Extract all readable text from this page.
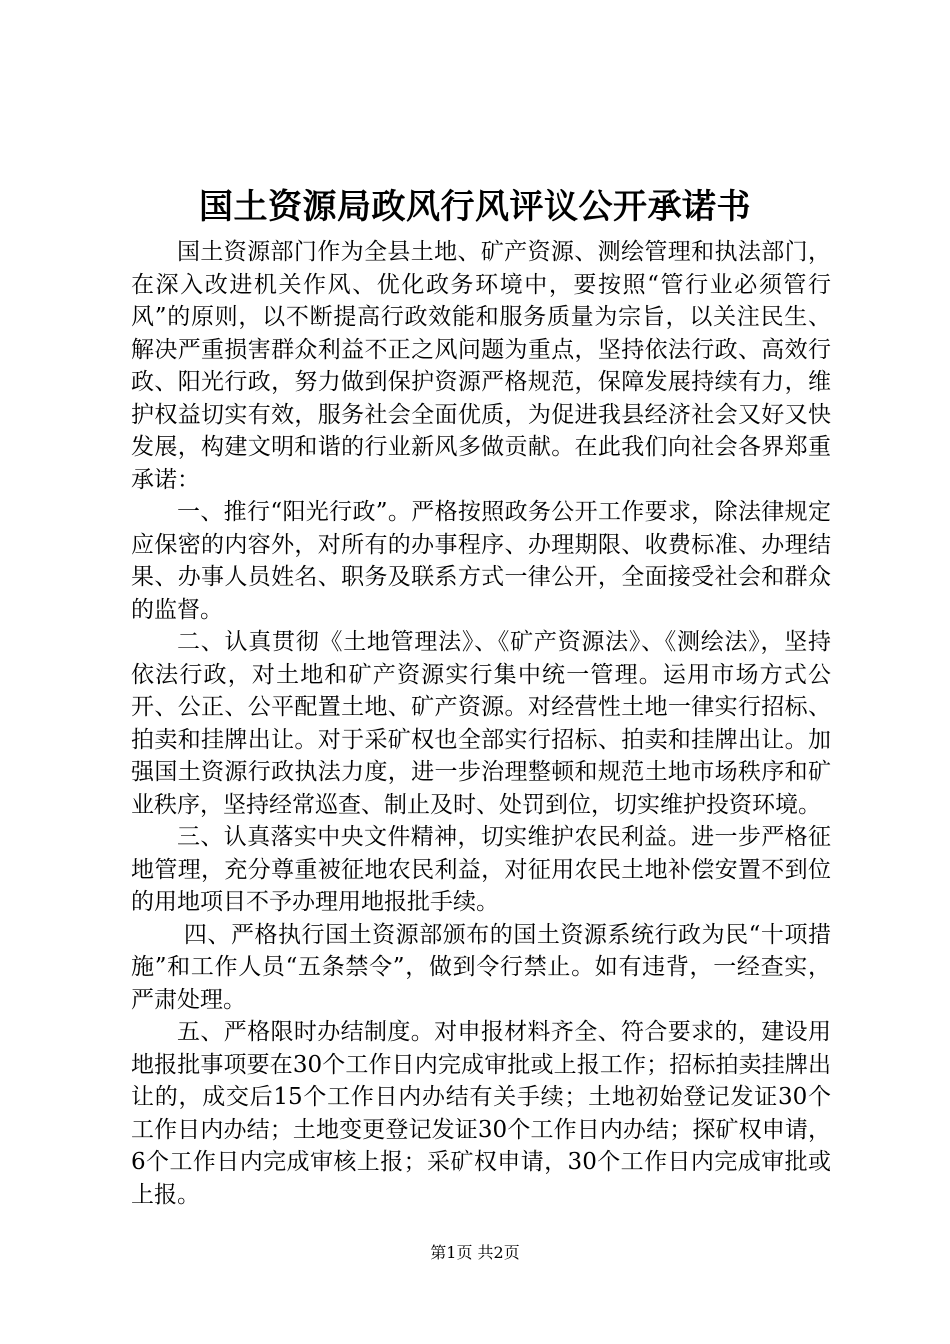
国土资源局政风行风评议公开承诺书

国土资源部门作为全县土地、矿产资源、测绘管理和执法部门，在深入改进机关作风、优化政务环境中，要按照“管行业必须管行风”的原则，以不断提高行政效能和服务质量为宗旨，以关注民生、解决严重损害群众利益不正之风问题为重点，坚持依法行政、高效行政、阳光行政，努力做到保护资源严格规范，保障发展持续有力，维护权益切实有效，服务社会全面优质，为促进我县经济社会又好又快发展，构建文明和谐的行业新风多做贡献。在此我们向社会各界郑重承诺：

一、推行“阳光行政”。严格按照政务公开工作要求，除法律规定应保密的内容外，对所有的办事程序、办理期限、收费标准、办理结果、办事人员姓名、职务及联系方式一律公开，全面接受社会和群众的监督。

二、认真贯彻《土地管理法》、《矿产资源法》、《测绘法》，坚持依法行政，对土地和矿产资源实行集中统一管理。运用市场方式公开、公正、公平配置土地、矿产资源。对经营性土地一律实行招标、拍卖和挂牌出让。对于采矿权也全部实行招标、拍卖和挂牌出让。加强国土资源行政执法力度，进一步治理整顿和规范土地市场秩序和矿业秩序，坚持经常巡查、制止及时、处罚到位，切实维护投资环境。

三、认真落实中央文件精神，切实维护农民利益。进一步严格征地管理，充分尊重被征地农民利益，对征用农民土地补偿安置不到位的用地项目不予办理用地报批手续。

四、严格执行国土资源部颁布的国土资源系统行政为民“十项措施”和工作人员“五条禁令”，做到令行禁止。如有违背，一经查实，严肃处理。

五、严格限时办结制度。对申报材料齐全、符合要求的，建设用地报批事项要在30个工作日内完成审批或上报工作；招标拍卖挂牌出让的，成交后15个工作日内办结有关手续；土地初始登记发证30个工作日内办结；土地变更登记发证30个工作日内办结；探矿权申请，6个工作日内完成审核上报；采矿权申请，30个工作日内完成审批或上报。

第1页 共2页
